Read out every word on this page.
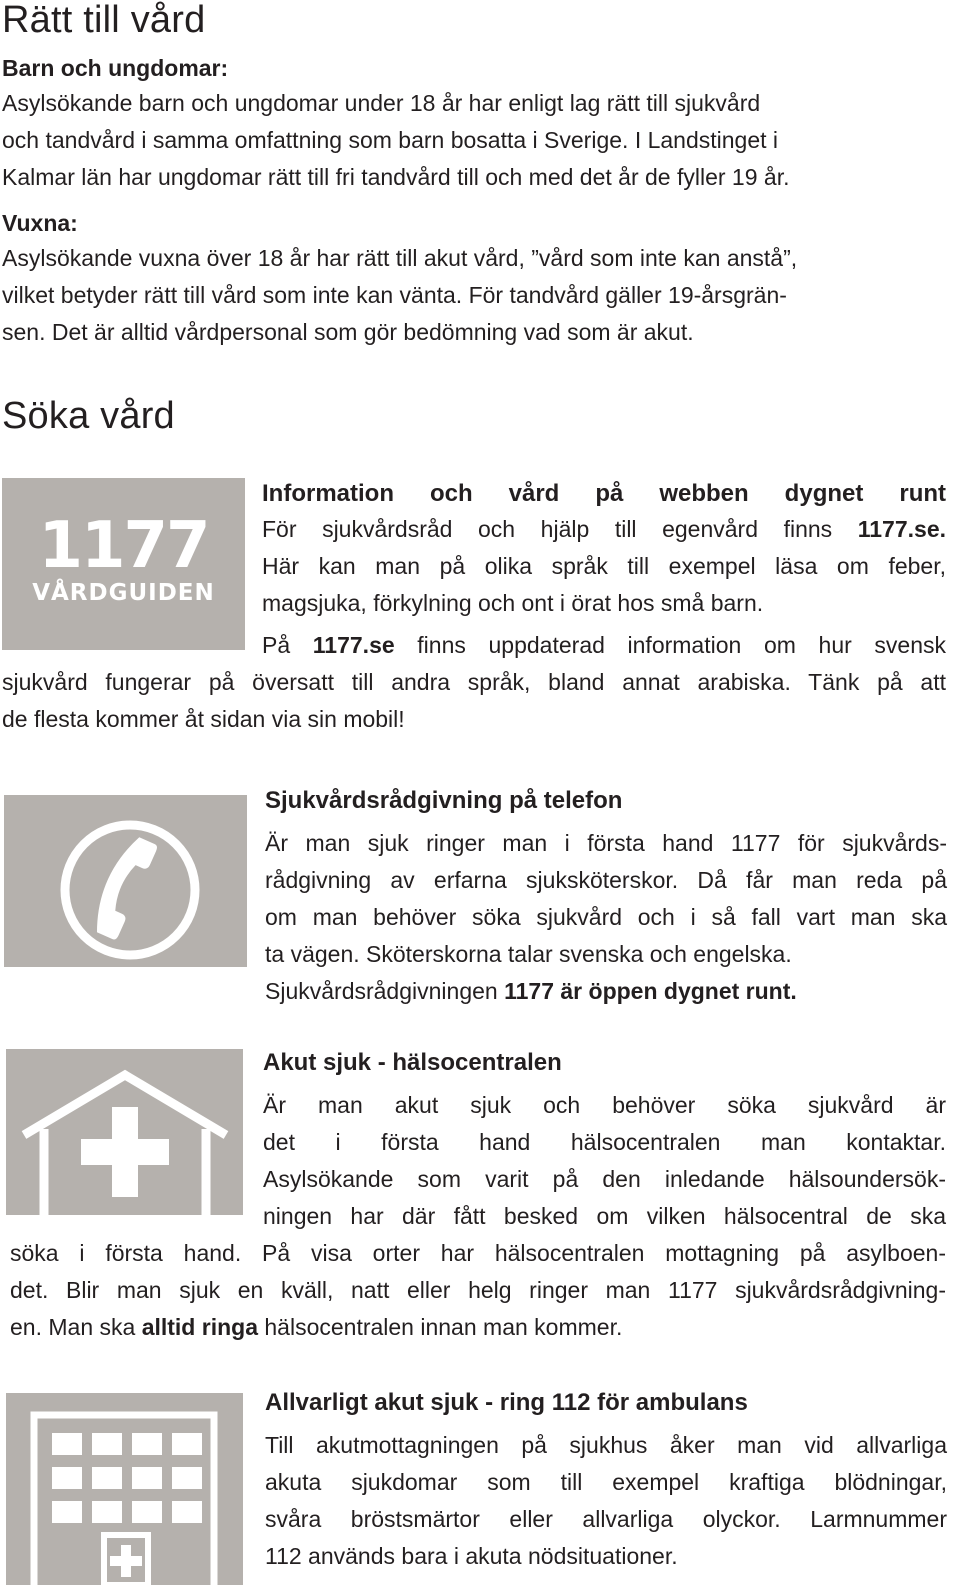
Rätt till vård
Barn och ungdomar:
Asylsökande barn och ungdomar under 18 år har enligt lag rätt till sjukvård
och tandvård i samma omfattning som barn bosatta i Sverige. I Landstinget i
Kalmar län har ungdomar rätt till fri tandvård till och med det år de fyller 19 år.
Vuxna:
Asylsökande vuxna över 18 år har rätt till akut vård, ”vård som inte kan anstå”,
vilket betyder rätt till vård som inte kan vänta. För tandvård gäller 19-årsgrän-
sen. Det är alltid vårdpersonal som gör bedömning vad som är akut.
Söka vård
1177
VÅRDGUIDEN
Information och vård på webben dygnet runt
För sjukvårdsråd och hjälp till egenvård finns 1177.se.
Här kan man på olika språk till exempel läsa om feber,
magsjuka, förkylning och ont i örat hos små barn.
På 1177.se finns uppdaterad information om hur svensk
sjukvård fungerar på översatt till andra språk, bland annat arabiska. Tänk på att
de flesta kommer åt sidan via sin mobil!
Sjukvårdsrådgivning på telefon
Är man sjuk ringer man i första hand 1177 för sjukvårds-
rådgivning av erfarna sjuksköterskor. Då får man reda på
om man behöver söka sjukvård och i så fall vart man ska
ta vägen. Sköterskorna talar svenska och engelska.
Sjukvårdsrådgivningen 1177 är öppen dygnet runt.
Akut sjuk - hälsocentralen
Är man akut sjuk och behöver söka sjukvård är
det i första hand hälsocentralen man kontaktar.
Asylsökande som varit på den inledande hälsoundersök-
ningen har där fått besked om vilken hälsocentral de ska
söka i första hand. På visa orter har hälsocentralen mottagning på asylboen-
det. Blir man sjuk en kväll, natt eller helg ringer man 1177 sjukvårdsrådgivning-
en. Man ska alltid ringa hälsocentralen innan man kommer.
Allvarligt akut sjuk - ring 112 för ambulans
Till akutmottagningen på sjukhus åker man vid allvarliga
akuta sjukdomar som till exempel kraftiga blödningar,
svåra bröstsmärtor eller allvarliga olyckor. Larmnummer
112 används bara i akuta nödsituationer.
